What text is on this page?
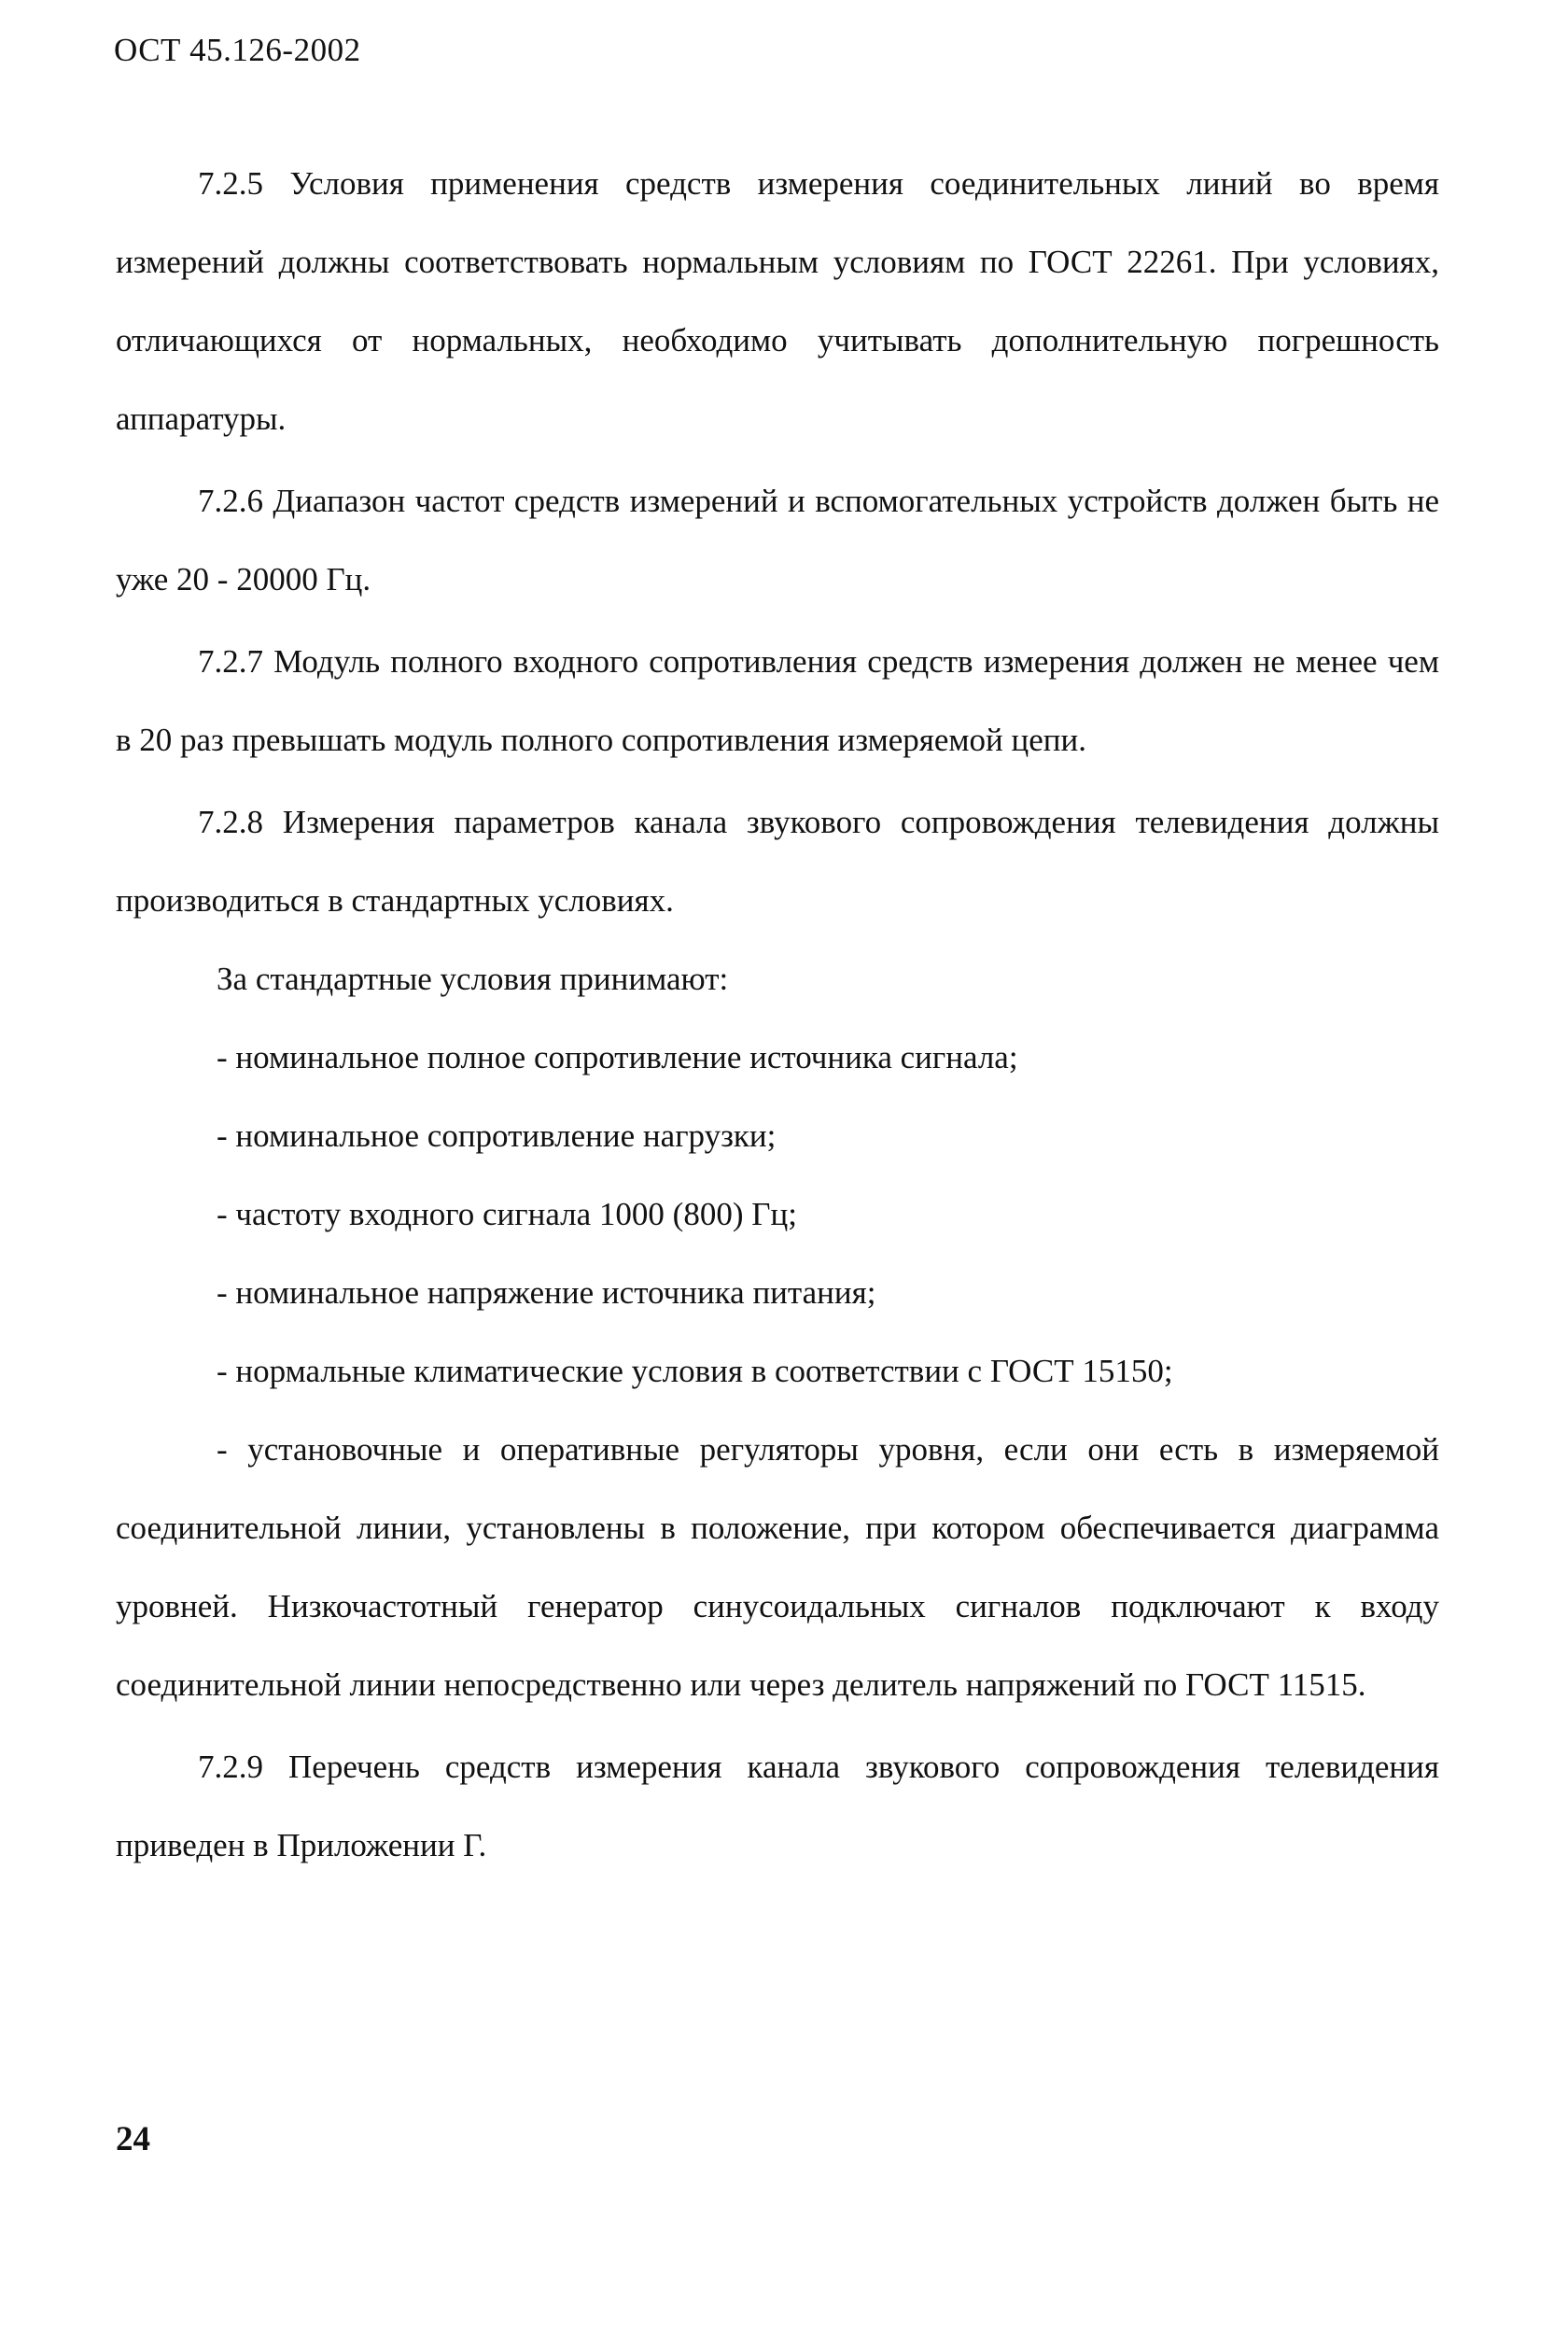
ОСТ 45.126-2002

7.2.5 Условия применения средств измерения соединительных линий во время измерений должны соответствовать нормальным условиям по ГОСТ 22261. При условиях, отличающихся от нормальных, необходимо учитывать дополнительную погрешность аппаратуры.

7.2.6 Диапазон частот средств измерений и вспомогательных устройств должен быть не уже 20 - 20000 Гц.

7.2.7 Модуль полного входного сопротивления средств измерения должен не менее чем в 20 раз превышать модуль полного сопротивления измеряемой цепи.

7.2.8 Измерения параметров канала звукового сопровождения телевидения должны производиться в стандартных условиях.

За стандартные условия принимают:

- номинальное полное сопротивление источника сигнала;

- номинальное сопротивление нагрузки;

- частоту входного сигнала 1000 (800) Гц;

- номинальное напряжение источника питания;

- нормальные климатические условия в соответствии с ГОСТ 15150;

- установочные и оперативные регуляторы уровня, если они есть в измеряемой соединительной линии, установлены в положение, при котором обеспечивается диаграмма уровней. Низкочастотный генератор синусоидальных сигналов подключают к входу соединительной линии непосредственно или через делитель напряжений по ГОСТ 11515.

7.2.9 Перечень средств измерения канала звукового сопровождения телевидения приведен в Приложении Г.

24
